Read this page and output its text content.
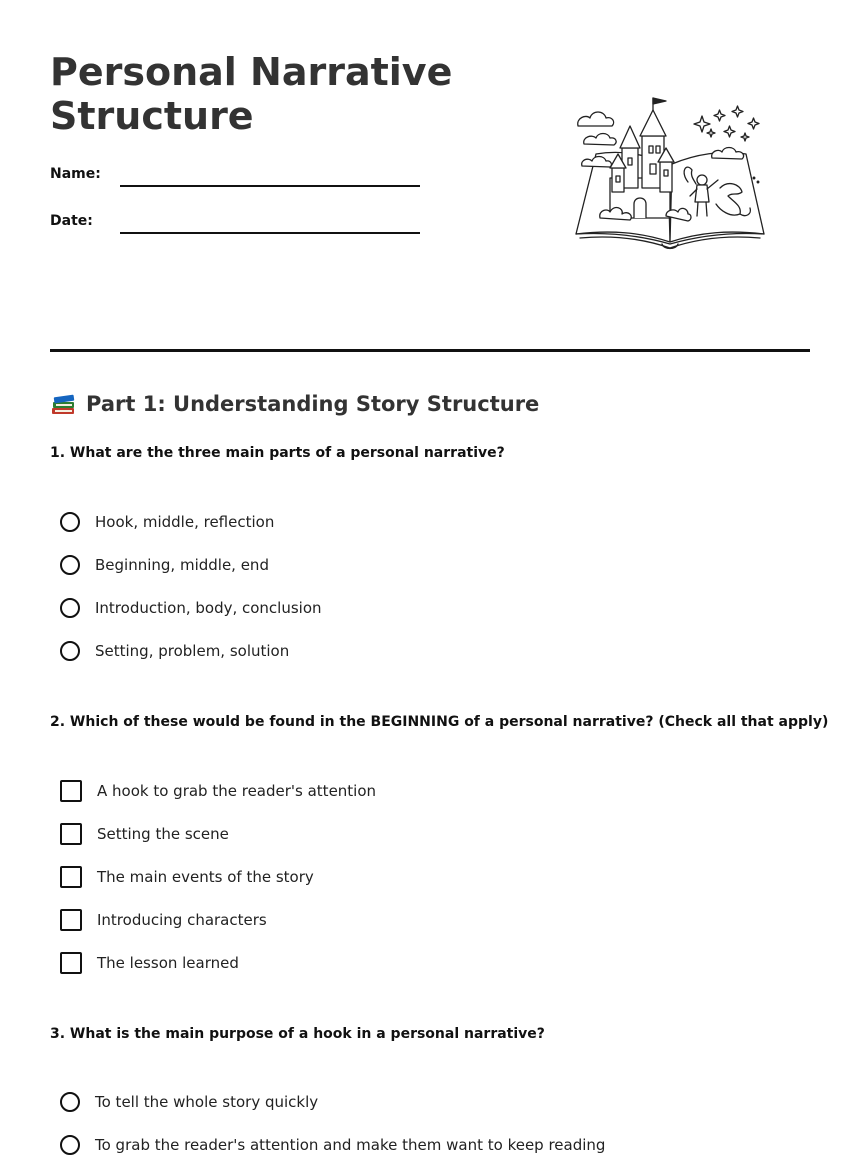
Personal Narrative Structure
Name:
Date:
Part 1: Understanding Story Structure

1. What are the three main parts of a personal narrative?

Hook, middle, reflection
Beginning, middle, end
Introduction, body, conclusion
Setting, problem, solution

2. Which of these would be found in the BEGINNING of a personal narrative? (Check all that apply)

A hook to grab the reader's attention
Setting the scene
The main events of the story
Introducing characters
The lesson learned

3. What is the main purpose of a hook in a personal narrative?

To tell the whole story quickly
To grab the reader's attention and make them want to keep reading
